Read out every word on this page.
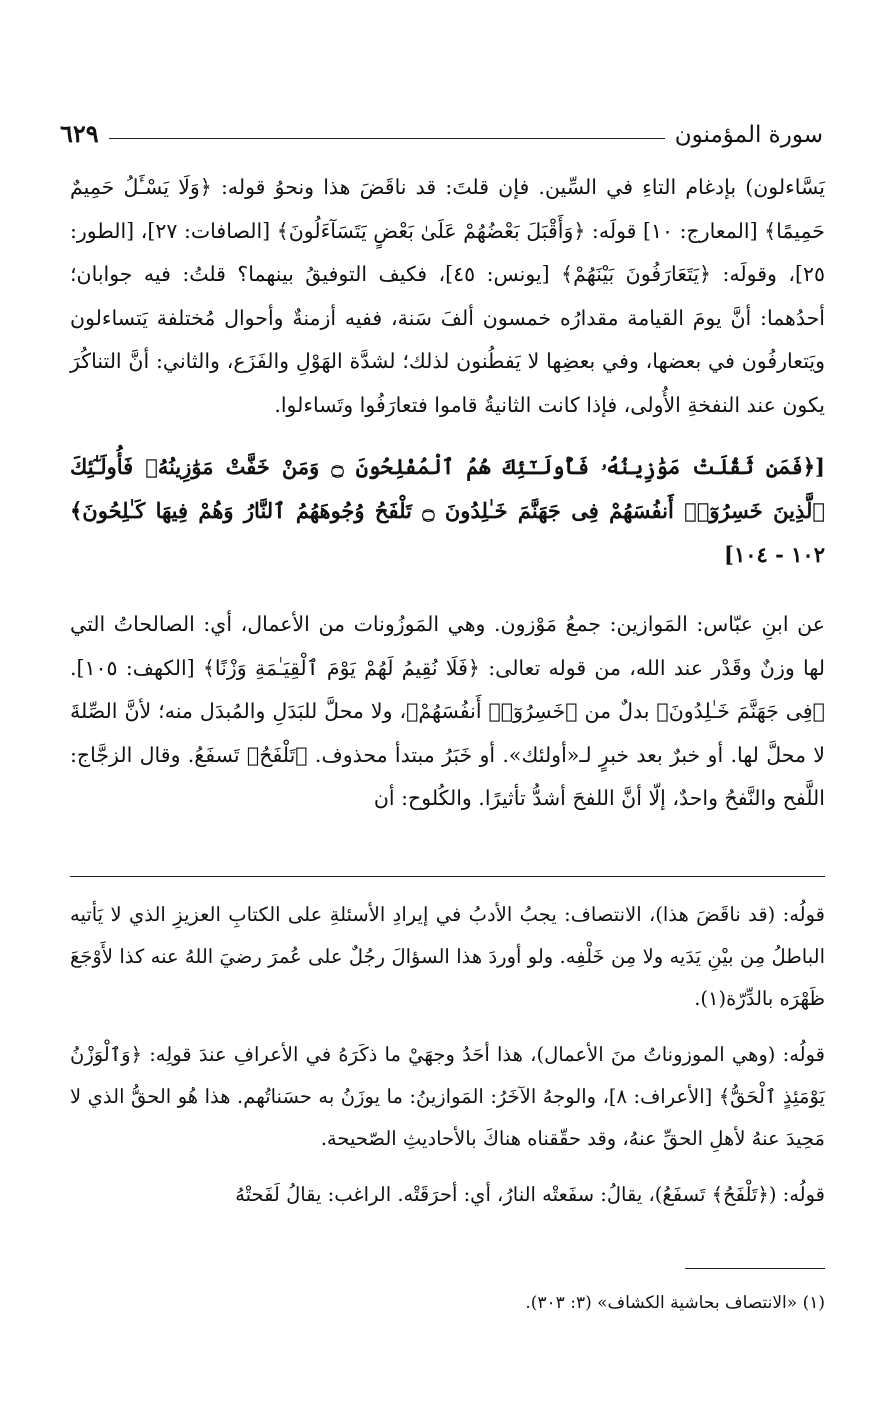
سورة المؤمنون
٦٢٩

يَسَّاءلون) بإدغام التاءِ في السِّين. فإن قلتَ: قد ناقَضَ هذا ونحوُ قوله: ﴿وَلَا يَسْـَٔلُ حَمِيمٌ حَمِيمًا﴾ [المعارج: ١٠] قولَه: ﴿وَأَقْبَلَ بَعْضُهُمْ عَلَىٰ بَعْضٍ يَتَسَآءَلُونَ﴾ [الصافات: ٢٧]، [الطور: ٢٥]، وقولَه: ﴿يَتَعَارَفُونَ بَيْنَهُمْ﴾ [يونس: ٤٥]، فكيف التوفيقُ بينهما؟ قلتُ: فيه جوابان؛ أحدُهما: أنَّ يومَ القيامة مقدارُه خمسون ألفَ سَنة، ففيه أزمنةٌ وأحوال مُختلفة يَتساءلون ويَتعارفُون في بعضها، وفي بعضِها لا يَفطُنون لذلك؛ لشدَّة الهَوْلِ والفَزَع، والثاني: أنَّ التناكُرَ يكون عند النفخةِ الأُولى، فإذا كانت الثانيةُ قاموا فتعارَفُوا وتَساءلوا.

[﴿فَمَن ثَقُلَتْ مَوَٰزِينُهُۥ فَأُولَـٰٓئِكَ هُمُ ٱلْمُفْلِحُونَ ۝ وَمَنْ خَفَّتْ مَوَٰزِينُهُۥ فَأُولَـٰٓئِكَ ٱلَّذِينَ خَسِرُوٓا۟ أَنفُسَهُمْ فِى جَهَنَّمَ خَـٰلِدُونَ ۝ تَلْفَحُ وُجُوهَهُمُ ٱلنَّارُ وَهُمْ فِيهَا كَـٰلِحُونَ﴾ ١٠٢ - ١٠٤]

عن ابنِ عبّاس: المَوازين: جمعُ مَوْزون. وهي المَوزُونات من الأعمال، أي: الصالحاتُ التي لها وزنٌ وقَدْر عند الله، من قوله تعالى: ﴿فَلَا نُقِيمُ لَهُمْ يَوْمَ ٱلْقِيَـٰمَةِ وَزْنًا﴾ [الكهف: ١٠٥]. ﴿فِى جَهَنَّمَ خَـٰلِدُونَ﴾ بدلٌ من ﴿خَسِرُوٓا۟ أَنفُسَهُمْ﴾، ولا محلَّ للبَدَلِ والمُبدَل منه؛ لأنَّ الصِّلةَ لا محلَّ لها. أو خبرٌ بعد خبرٍ لـ«أولئك». أو خَبَرُ مبتدأ محذوف. ﴿تَلْفَحُ﴾ تَسفَعُ. وقال الزجَّاج: اللَّفح والنَّفحُ واحدٌ، إلّا أنَّ اللفحَ أشدُّ تأثيرًا. والكُلوح: أن

قولُه: (قد ناقَضَ هذا)، الانتصاف: يجبُ الأدبُ في إيرادِ الأسئلةِ على الكتابِ العزيزِ الذي لا يَأتيه الباطلُ مِن بيْنِ يَدَيه ولا مِن خَلْفِه. ولو أوردَ هذا السؤالَ رجُلٌ على عُمرَ رضيَ اللهُ عنه كذا لأَوْجَعَ ظَهْرَه بالدِّرّة(١).

قولُه: (وهي الموزوناتُ منَ الأعمال)، هذا أحَدُ وجهَيْ ما ذكَرَهُ في الأعرافِ عندَ قولِه: ﴿وَٱلْوَزْنُ يَوْمَئِذٍ ٱلْحَقُّ﴾ [الأعراف: ٨]، والوجهُ الآخَرُ: المَوازينُ: ما يوزَنُ به حسَناتُهم. هذا هُو الحقُّ الذي لا مَحِيدَ عنهُ لأهلِ الحقِّ عنهُ، وقد حقّقناه هناكَ بالأحاديثِ الصّحيحة.

قولُه: (﴿تَلْفَحُ﴾ تَسفَعُ)، يقالُ: سفَعتْه النارُ، أي: أحرَقَتْه. الراغب: يقالُ لَفَحتْهُ

(١) «الانتصاف بحاشية الكشاف» (٣: ٣٠٣).
